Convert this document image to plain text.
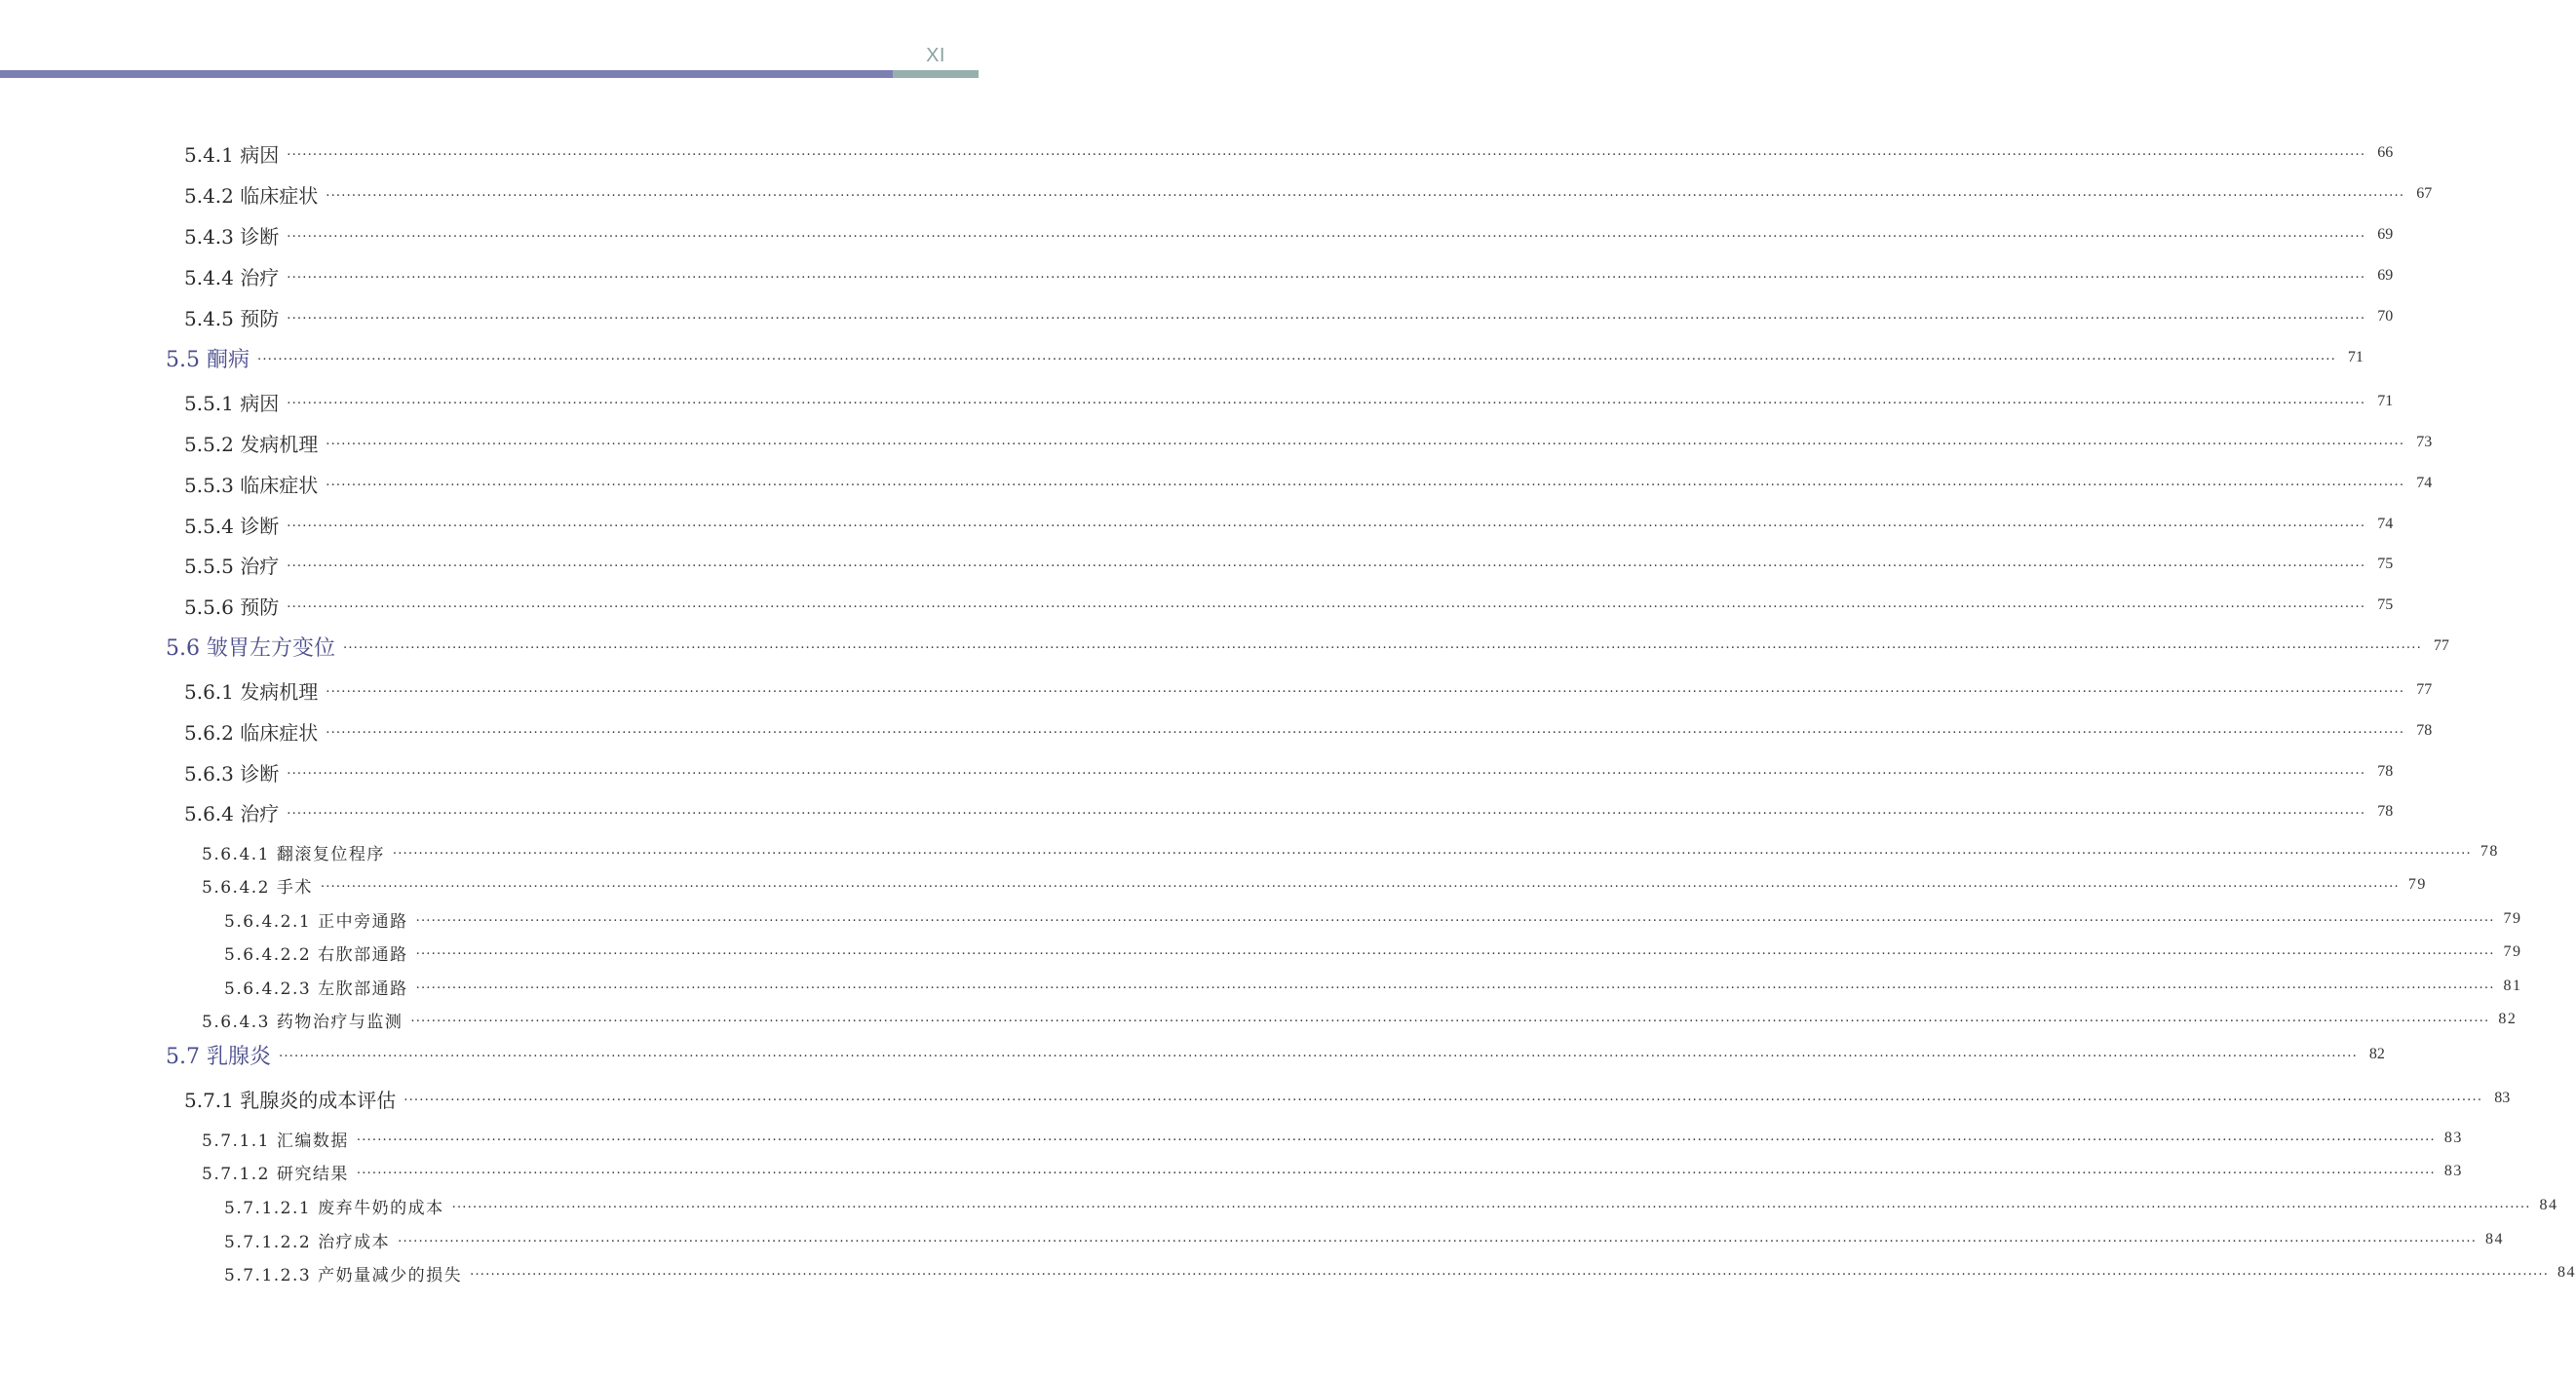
XI
5.4.1 病因 ................................................................................................................................................................................................................................................................................................................................................................................................................ 66
5.4.2 临床症状 ................................................................................................................................................................................................................................................................................................................................................................................................................ 67
5.4.3 诊断 ................................................................................................................................................................................................................................................................................................................................................................................................................ 69
5.4.4 治疗 ................................................................................................................................................................................................................................................................................................................................................................................................................ 69
5.4.5 预防 ................................................................................................................................................................................................................................................................................................................................................................................................................ 70
5.5 酮病 ................................................................................................................................................................................................................................................................................................................................................................................................................ 71
5.5.1 病因 ................................................................................................................................................................................................................................................................................................................................................................................................................ 71
5.5.2 发病机理 ................................................................................................................................................................................................................................................................................................................................................................................................................ 73
5.5.3 临床症状 ................................................................................................................................................................................................................................................................................................................................................................................................................ 74
5.5.4 诊断 ................................................................................................................................................................................................................................................................................................................................................................................................................ 74
5.5.5 治疗 ................................................................................................................................................................................................................................................................................................................................................................................................................ 75
5.5.6 预防 ................................................................................................................................................................................................................................................................................................................................................................................................................ 75
5.6 皱胃左方变位 ................................................................................................................................................................................................................................................................................................................................................................................................................ 77
5.6.1 发病机理 ................................................................................................................................................................................................................................................................................................................................................................................................................ 77
5.6.2 临床症状 ................................................................................................................................................................................................................................................................................................................................................................................................................ 78
5.6.3 诊断 ................................................................................................................................................................................................................................................................................................................................................................................................................ 78
5.6.4 治疗 ................................................................................................................................................................................................................................................................................................................................................................................................................ 78
5.6.4.1 翻滚复位程序 ................................................................................................................................................................................................................................................................................................................................................................................................................ 78
5.6.4.2 手术 ................................................................................................................................................................................................................................................................................................................................................................................................................ 79
5.6.4.2.1 正中旁通路 ................................................................................................................................................................................................................................................................................................................................................................................................................ 79
5.6.4.2.2 右肷部通路 ................................................................................................................................................................................................................................................................................................................................................................................................................ 79
5.6.4.2.3 左肷部通路 ................................................................................................................................................................................................................................................................................................................................................................................................................ 81
5.6.4.3 药物治疗与监测 ................................................................................................................................................................................................................................................................................................................................................................................................................ 82
5.7 乳腺炎 ................................................................................................................................................................................................................................................................................................................................................................................................................ 82
5.7.1 乳腺炎的成本评估 ................................................................................................................................................................................................................................................................................................................................................................................................................ 83
5.7.1.1 汇编数据 ................................................................................................................................................................................................................................................................................................................................................................................................................ 83
5.7.1.2 研究结果 ................................................................................................................................................................................................................................................................................................................................................................................................................ 83
5.7.1.2.1 废弃牛奶的成本 ................................................................................................................................................................................................................................................................................................................................................................................................................ 84
5.7.1.2.2 治疗成本 ................................................................................................................................................................................................................................................................................................................................................................................................................ 84
5.7.1.2.3 产奶量减少的损失 ................................................................................................................................................................................................................................................................................................................................................................................................................ 84
